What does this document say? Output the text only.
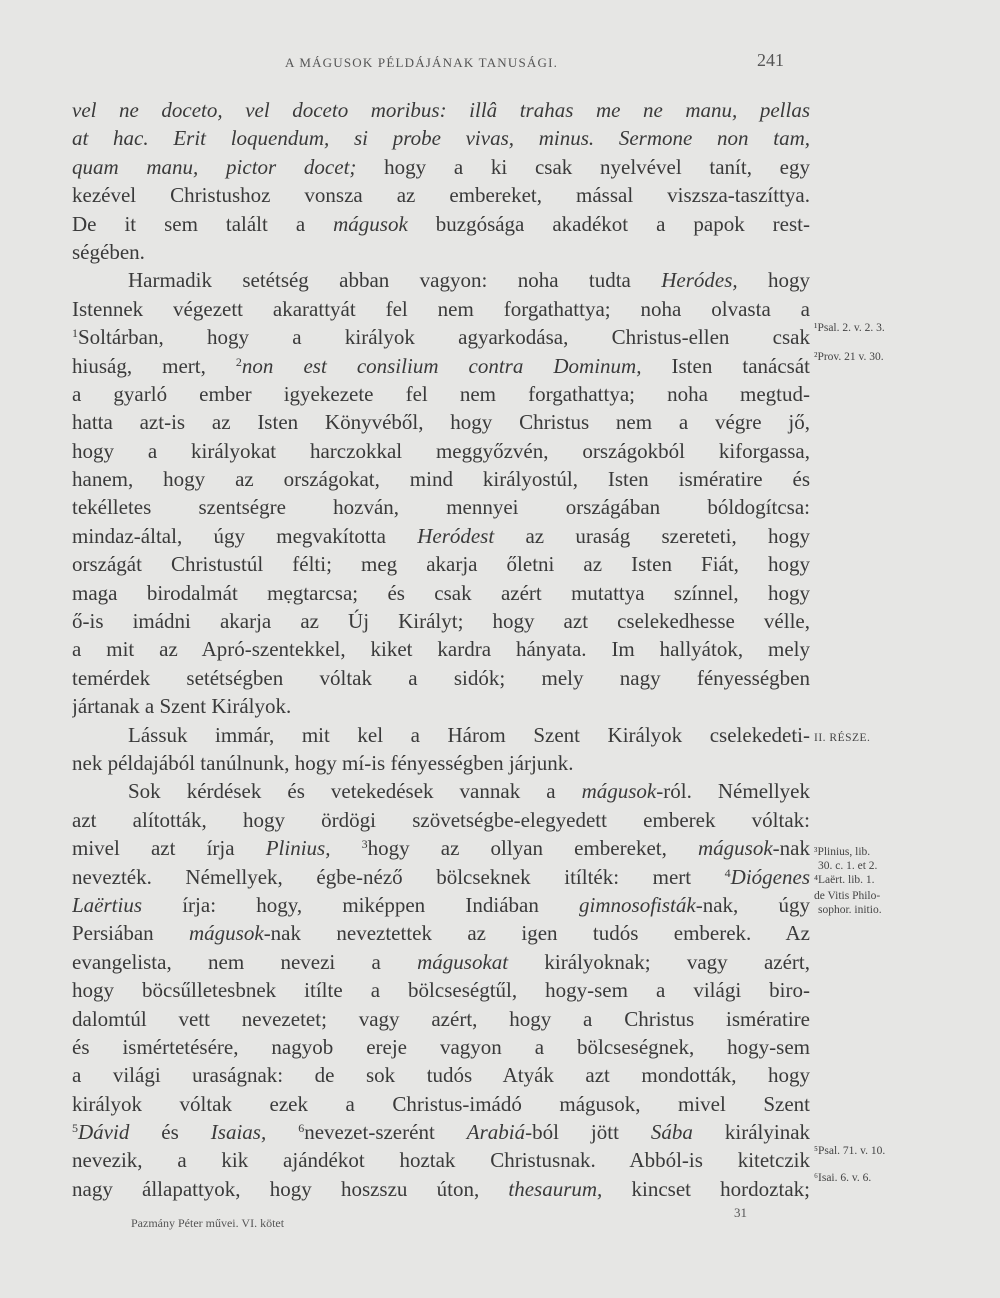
A MÁGUSOK PÉLDÁJÁNAK TANUSÁGI.	241
vel ne doceto, vel doceto moribus: illâ trahas me ne manu, pellas
at hac. Erit loquendum, si probe vivas, minus. Sermone non tam,
quam manu, pictor docet; hogy a ki csak nyelvével tanít, egy
kezével Christushoz vonsza az embereket, mással viszsza-taszíttya.
De it sem talált a mágusok buzgósága akadékot a papok rest-
ségében.
Harmadik setétség abban vagyon: noha tudta Heródes, hogy
Istennek végezett akarattyát fel nem forgathattya; noha olvasta a
$^1$Soltárban, hogy a királyok agyarkodása, Christus-ellen csak
hiuság, mert, $^2$non est consilium contra Dominum, Isten tanácsát
a gyarló ember igyekezete fel nem forgathattya; noha megtud-
hatta azt-is az Isten Könyvéből, hogy Christus nem a végre jő,
hogy a királyokat harczokkal meggyőzvén, országokból kiforgassa,
hanem, hogy az országokat, mind királyostúl, Isten ismératire és
tekélletes szentségre hozván, mennyei országában bóldogítcsa:
mindaz-által, úgy megvakította Heródest az uraság szereteti, hogy
országát Christustúl félti; meg akarja őletni az Isten Fiát, hogy
maga birodalmát mẹgtarcsa; és csak azért mutattya színnel, hogy
ő-is imádni akarja az Új Királyt; hogy azt cselekedhesse vélle,
a mit az Apró-szentekkel, kiket kardra hányata. Im hallyátok, mely
temérdek setétségben vóltak a sidók; mely nagy fényességben
jártanak a Szent Királyok.
Lássuk immár, mit kel a Három Szent Királyok cselekedeti-
nek példajából tanúlnunk, hogy mí-is fényességben járjunk.
Sok kérdések és vetekedések vannak a mágusok-ról. Némellyek
azt alították, hogy ördögi szövetségbe-elegyedett emberek vóltak:
mivel azt írja Plinius,	$^3$hogy az ollyan embereket, mágusok-nak
nevezték. Némellyek, égbe-néző bölcseknek itílték: mert $^4$Diógenes
Laërtius írja: hogy, miképpen Indiában gimnosofisták-nak, úgy
Persiában mágusok-nak neveztettek az igen tudós emberek. Az
evangelista, nem nevezi a mágusokat királyoknak; vagy azért,
hogy böcsűlletesbnek itílte a bölcseségtűl, hogy-sem a világi biro-
dalomtúl vett nevezetet; vagy azért, hogy a Christus ismératire
és ismértetésére, nagyob ereje vagyon a bölcseségnek, hogy-sem
a világi uraságnak: de sok tudós Atyák azt mondották, hogy
királyok vóltak ezek a Christus-imádó mágusok, mivel Szent
$^5$Dávid és Isaias,	$^6$nevezet-szerént Arabiá-ból jött Sába királyinak
nevezik, a kik ajándékot hoztak Christusnak. Abból-is kitetczik
nagy állapattyok, hogy hoszszu úton, thesaurum, kincset hordoztak;
¹Psal. 2. v. 2. 3.
²Prov. 21 v. 30.
II. RÉSZE.
³Plinius, lib.
30. c. 1. et 2.
⁴Laërt. lib. 1.
de Vitis Philo-
sophor. initio.
⁵Psal. 71. v. 10.
⁶Isai. 6. v. 6.
Pazmány Péter művei. VI. kötet
31
